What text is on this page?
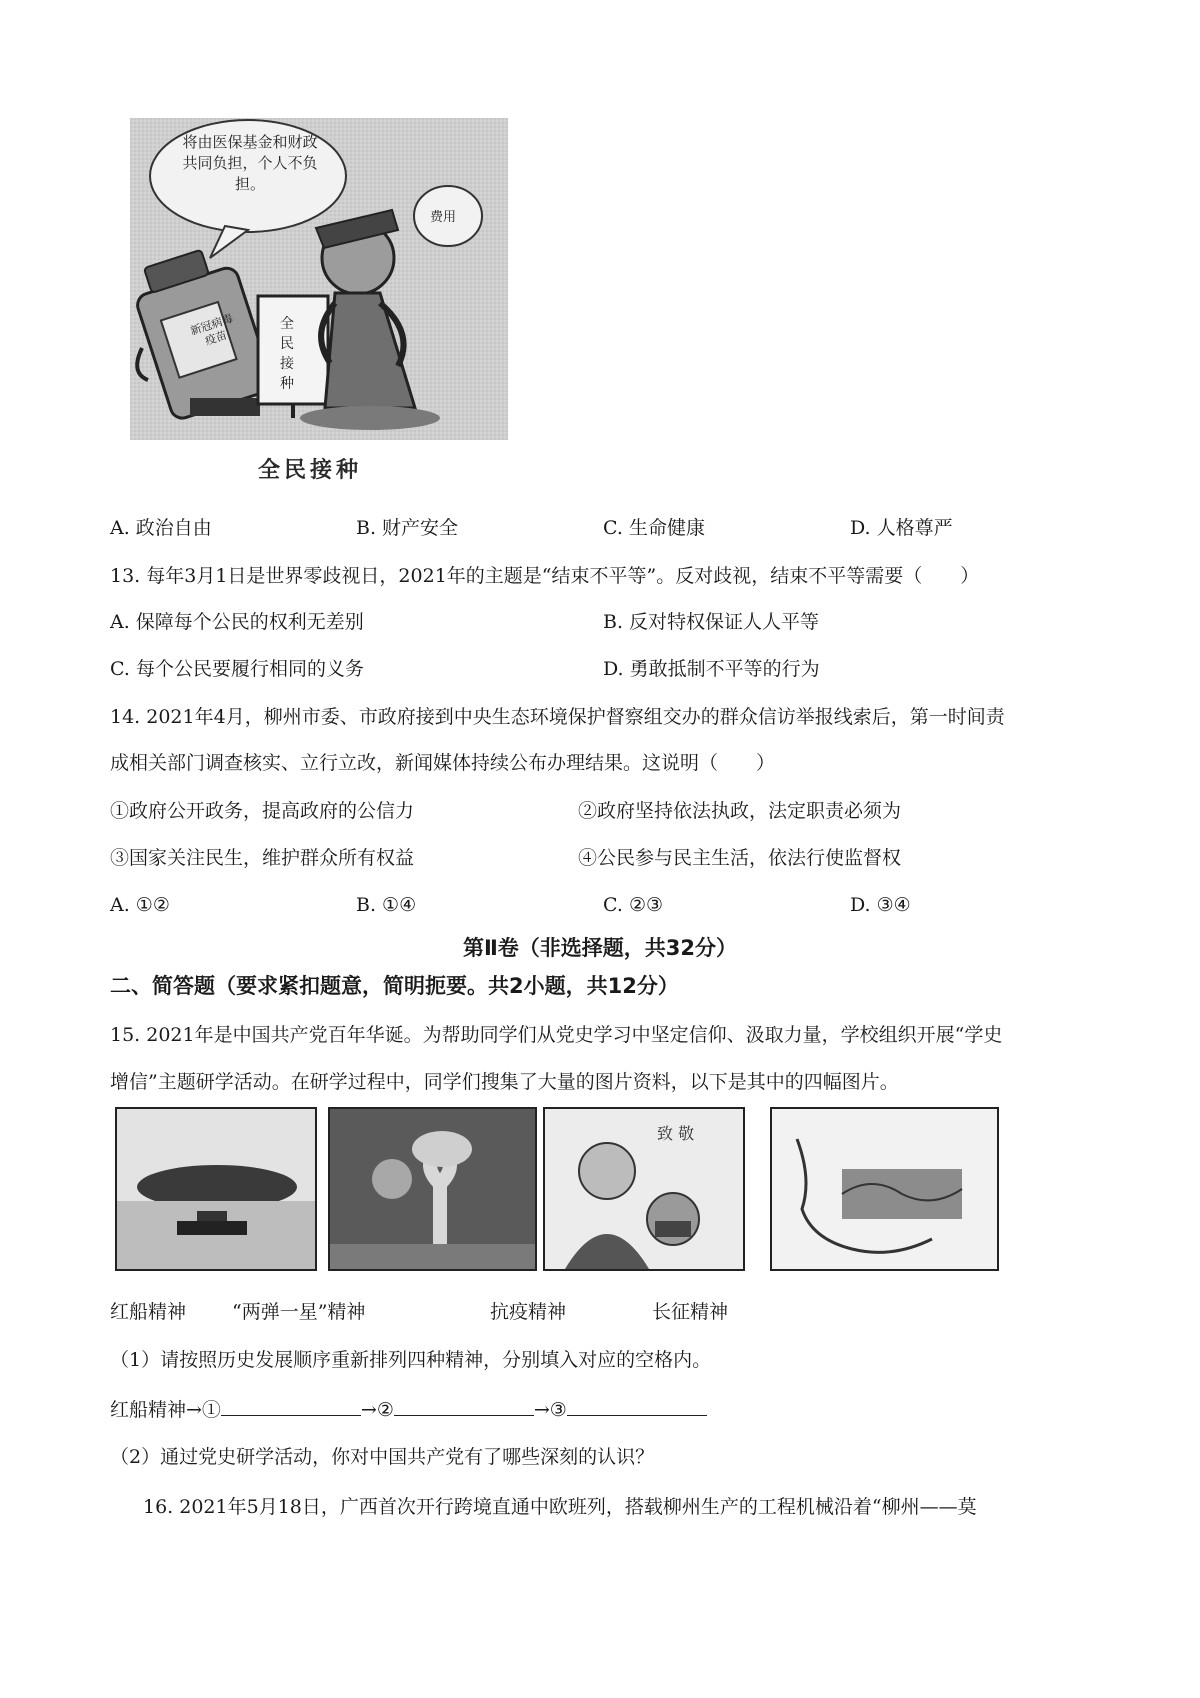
将由医保基金和财政共同负担，个人不负担。
费用
新冠病毒疫苗
全民接种
全民接种
A. 政治自由	B. 财产安全	C. 生命健康	D. 人格尊严
13. 每年3月1日是世界零歧视日，2021年的主题是“结束不平等”。反对歧视，结束不平等需要（　　）
A. 保障每个公民的权利无差别	B. 反对特权保证人人平等
C. 每个公民要履行相同的义务	D. 勇敢抵制不平等的行为
14. 2021年4月，柳州市委、市政府接到中央生态环境保护督察组交办的群众信访举报线索后，第一时间责
成相关部门调查核实、立行立改，新闻媒体持续公布办理结果。这说明（　　）
①政府公开政务，提高政府的公信力	②政府坚持依法执政，法定职责必须为
③国家关注民生，维护群众所有权益	④公民参与民主生活，依法行使监督权
A. ①②	B. ①④	C. ②③	D. ③④
第Ⅱ卷（非选择题，共32分）
二、简答题（要求紧扣题意，简明扼要。共2小题，共12分）
15. 2021年是中国共产党百年华诞。为帮助同学们从党史学习中坚定信仰、汲取力量，学校组织开展“学史
增信”主题研学活动。在研学过程中，同学们搜集了大量的图片资料，以下是其中的四幅图片。
致 敬
红船精神 “两弹一星”精神	抗疫精神	长征精神
（1）请按照历史发展顺序重新排列四种精神，分别填入对应的空格内。
红船精神→①	→②	→③
（2）通过党史研学活动，你对中国共产党有了哪些深刻的认识？
16. 2021年5月18日，广西首次开行跨境直通中欧班列，搭载柳州生产的工程机械沿着“柳州——莫
